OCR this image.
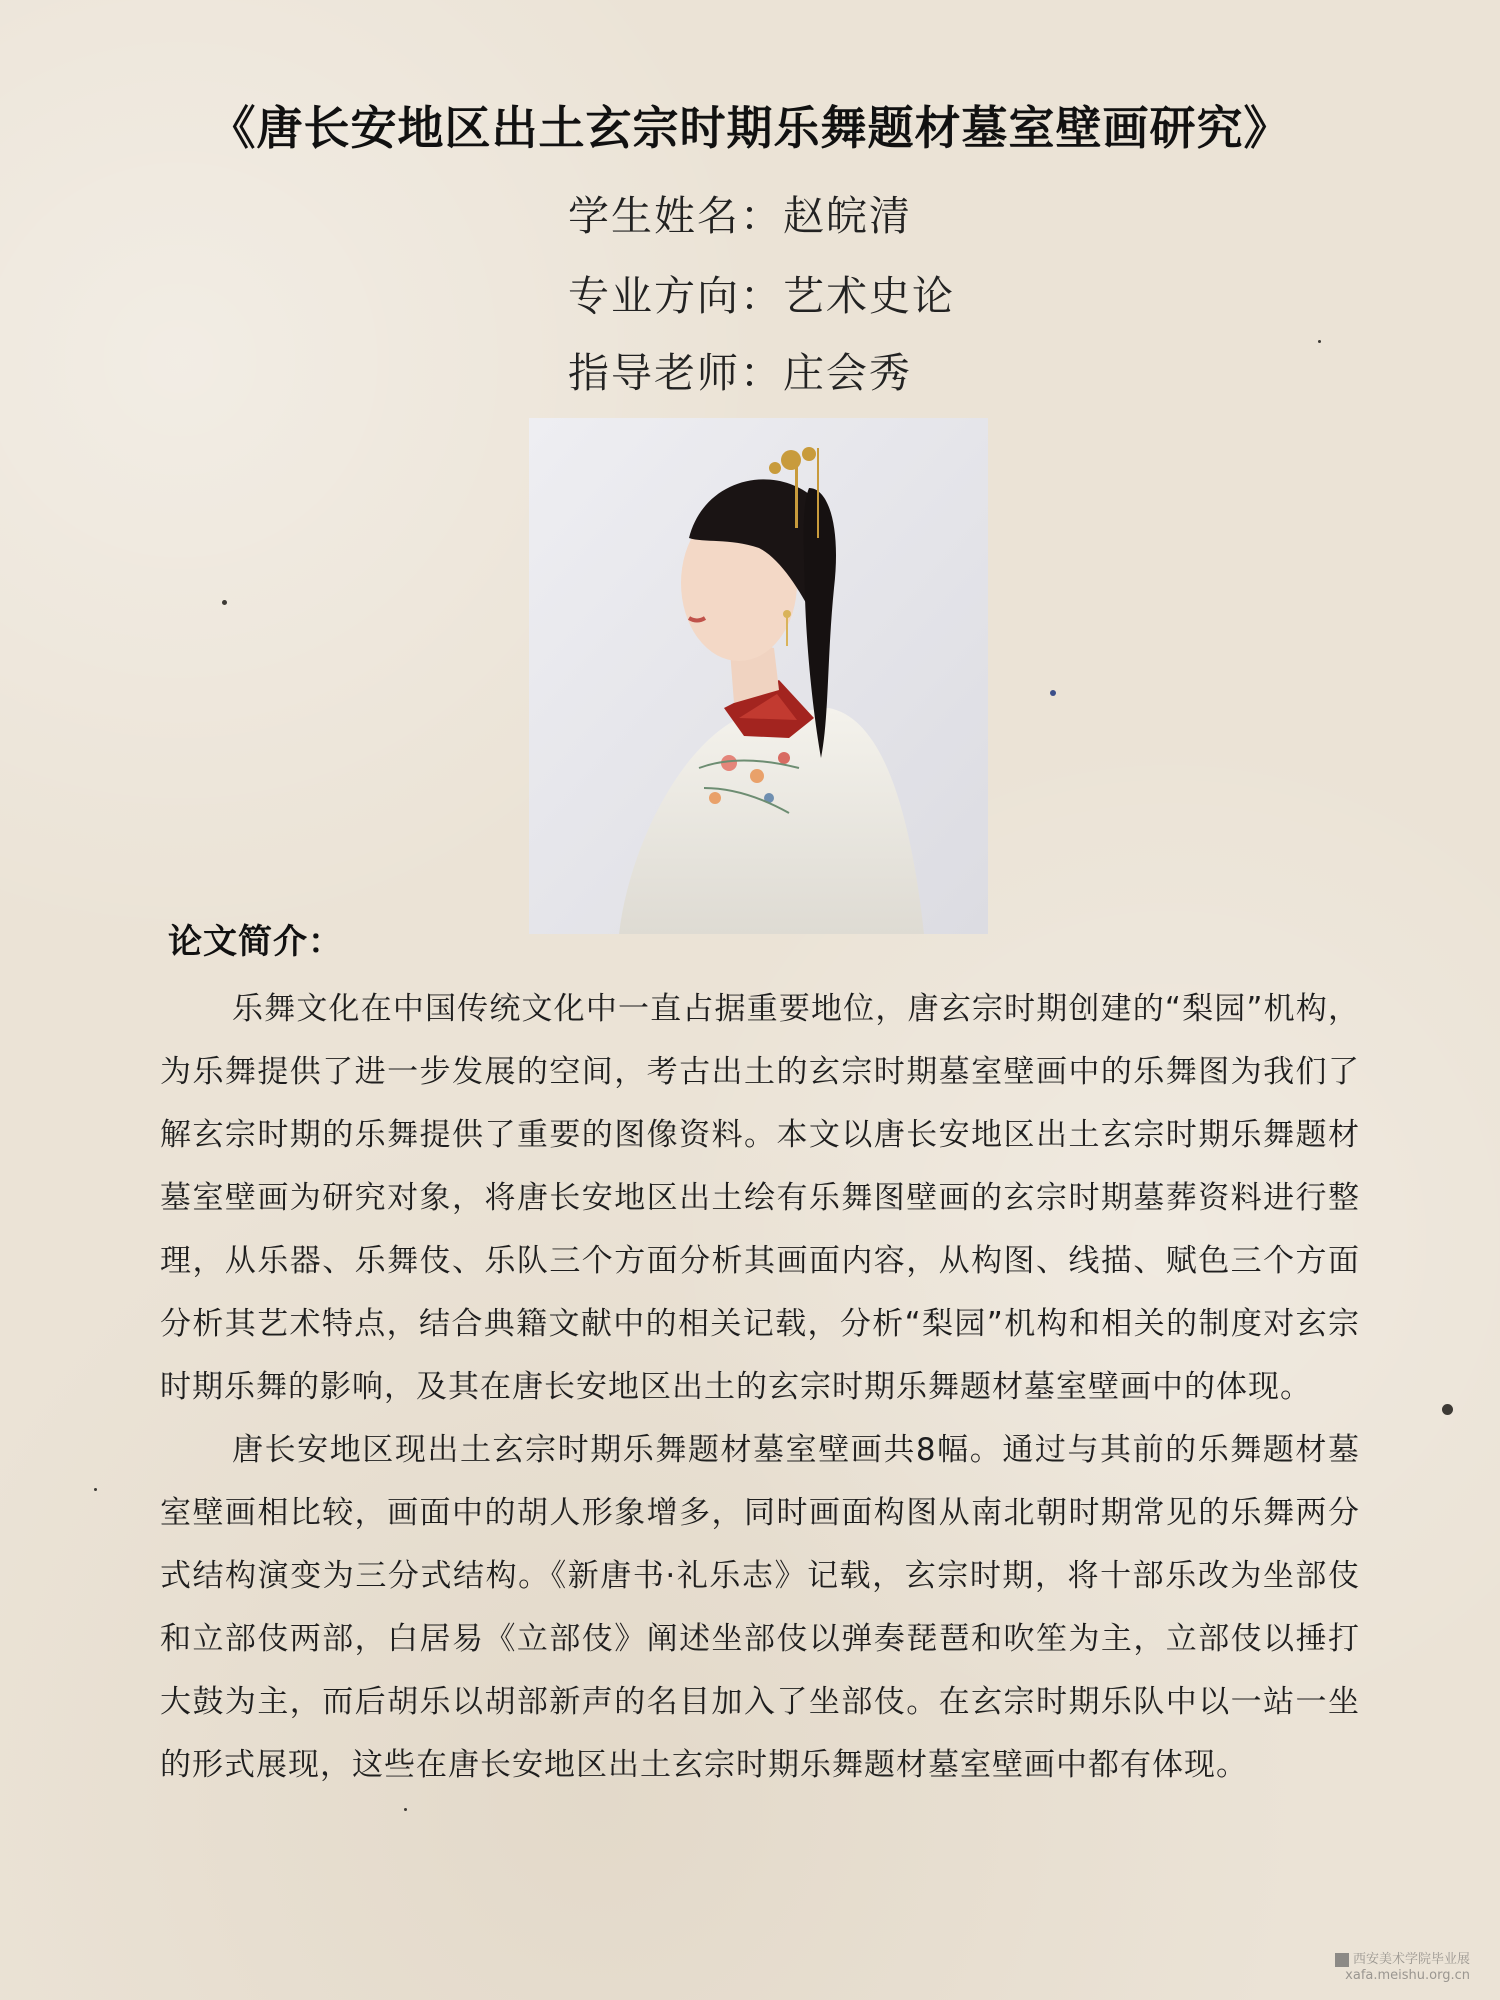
《唐长安地区出土玄宗时期乐舞题材墓室壁画研究》
学生姓名：赵皖清
专业方向：艺术史论
指导老师：庄会秀
论文简介：

乐舞文化在中国传统文化中一直占据重要地位，唐玄宗时期创建的“梨园”机构，为乐舞提供了进一步发展的空间，考古出土的玄宗时期墓室壁画中的乐舞图为我们了解玄宗时期的乐舞提供了重要的图像资料。本文以唐长安地区出土玄宗时期乐舞题材墓室壁画为研究对象，将唐长安地区出土绘有乐舞图壁画的玄宗时期墓葬资料进行整理，从乐器、乐舞伎、乐队三个方面分析其画面内容，从构图、线描、赋色三个方面分析其艺术特点，结合典籍文献中的相关记载，分析“梨园”机构和相关的制度对玄宗时期乐舞的影响，及其在唐长安地区出土的玄宗时期乐舞题材墓室壁画中的体现。

唐长安地区现出土玄宗时期乐舞题材墓室壁画共8幅。通过与其前的乐舞题材墓室壁画相比较，画面中的胡人形象增多，同时画面构图从南北朝时期常见的乐舞两分式结构演变为三分式结构。《新唐书·礼乐志》记载，玄宗时期，将十部乐改为坐部伎和立部伎两部，白居易《立部伎》阐述坐部伎以弹奏琵琶和吹笙为主，立部伎以捶打大鼓为主，而后胡乐以胡部新声的名目加入了坐部伎。在玄宗时期乐队中以一站一坐的形式展现，这些在唐长安地区出土玄宗时期乐舞题材墓室壁画中都有体现。

西安美术学院毕业展
xafa.meishu.org.cn
